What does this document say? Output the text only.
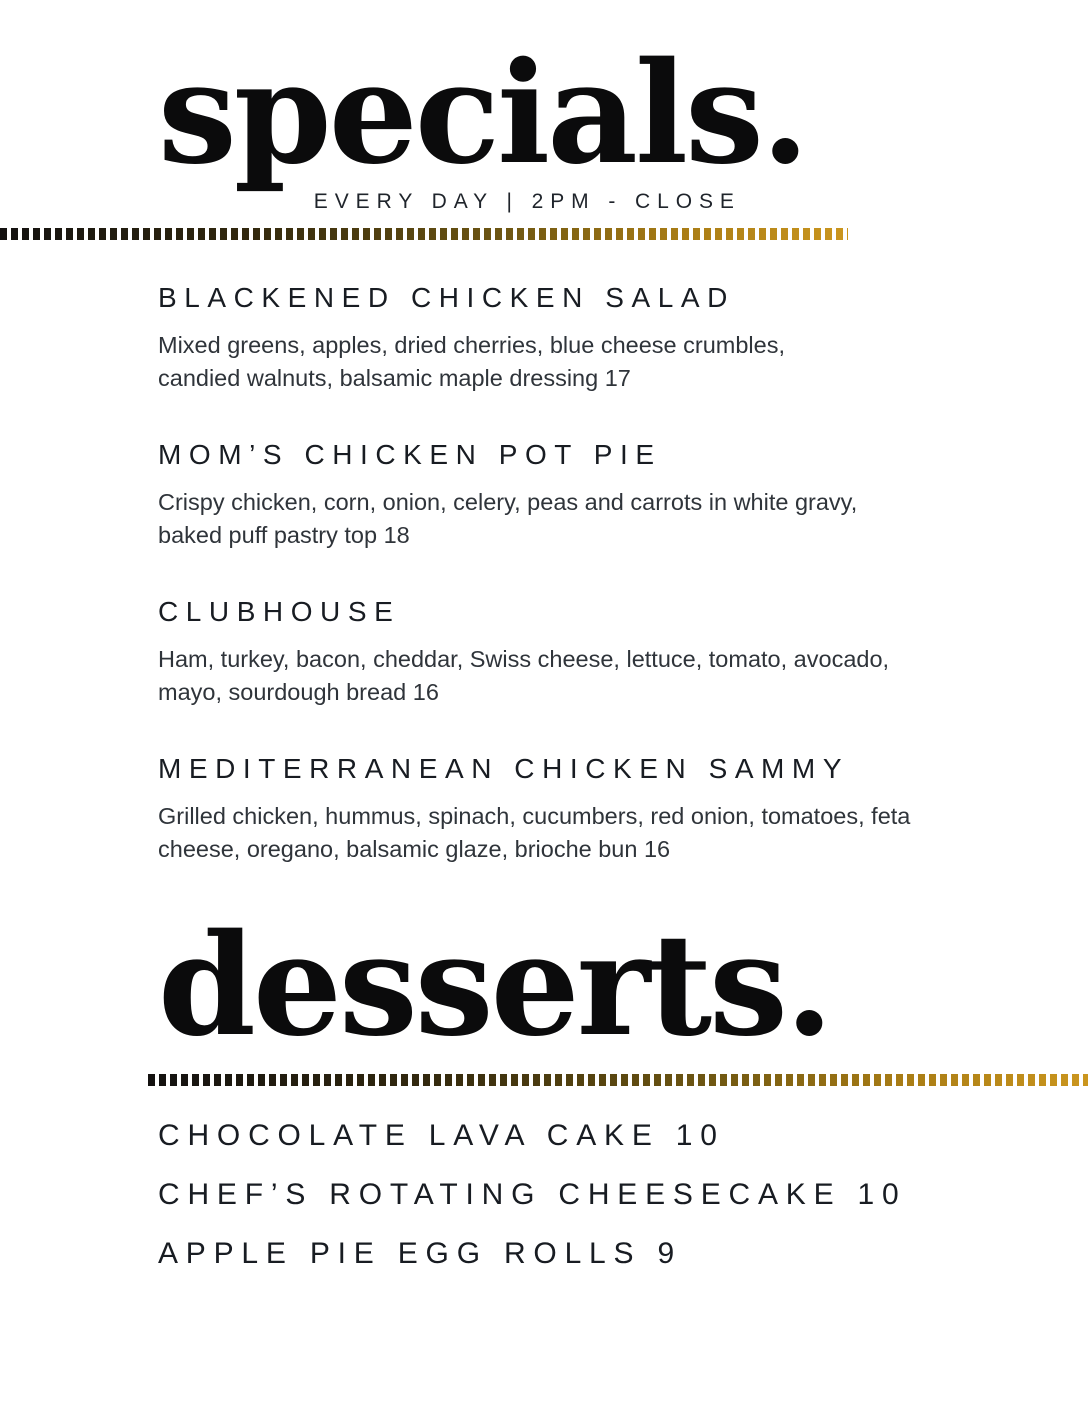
specials.
EVERY DAY | 2PM - CLOSE
BLACKENED CHICKEN SALAD
Mixed greens, apples, dried cherries, blue cheese crumbles,
candied walnuts, balsamic maple dressing 17
MOM’S CHICKEN POT PIE
Crispy chicken, corn, onion, celery, peas and carrots in white gravy,
baked puff pastry top 18
CLUBHOUSE
Ham, turkey, bacon, cheddar, Swiss cheese, lettuce, tomato, avocado,
mayo, sourdough bread 16
MEDITERRANEAN CHICKEN SAMMY
Grilled chicken, hummus, spinach, cucumbers, red onion, tomatoes, feta
cheese, oregano, balsamic glaze, brioche bun 16
desserts.
CHOCOLATE LAVA CAKE 10
CHEF’S ROTATING CHEESECAKE 10
APPLE PIE EGG ROLLS 9
